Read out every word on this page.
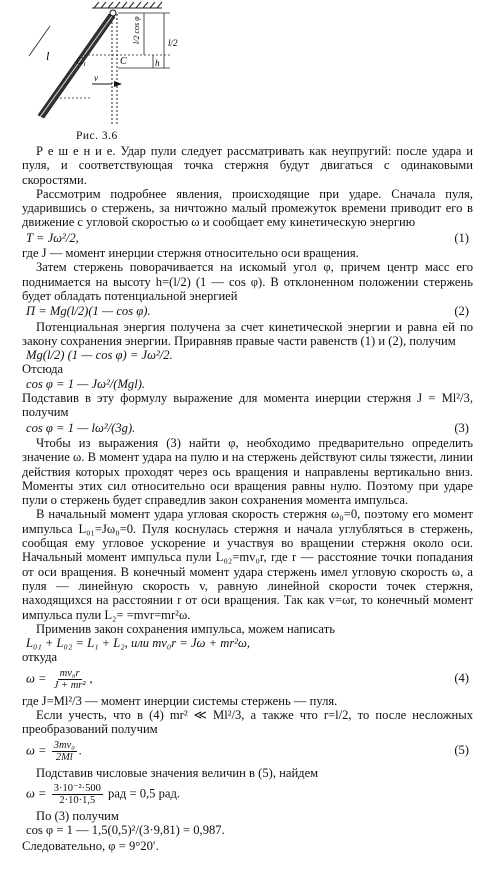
l	C₁	C
l/2 cos φ
h
l/2
v
Рис. 3.6

Р е ш е н и е. Удар пули следует рассматривать как неупругий: после удара и пуля, и соответствующая точка стержня будут двигаться с одинаковыми скоростями.

Рассмотрим подробнее явления, происходящие при ударе. Сначала пуля, ударившись о стержень, за ничтожно малый промежуток времени приводит его в движение с угловой скоростью ω и сообщает ему кинетическую энергию

T = Jω²/2,	(1)

где J — момент инерции стержня относительно оси вращения.

Затем стержень поворачивается на искомый угол φ, причем центр масс его поднимается на высоту h=(l/2) (1 — cos φ). В отклоненном положении стержень будет обладать потенциальной энергией

П = Mg(l/2)(1 — cos φ).	(2)

Потенциальная энергия получена за счет кинетической энергии и равна ей по закону сохранения энергии. Приравняв правые части равенств (1) и (2), получим

Mg(l/2) (1 — cos φ) = Jω²/2.

Отсюда

cos φ = 1 — Jω²/(Mgl).

Подставив в эту формулу выражение для момента инерции стержня J = Ml²/3, получим

cos φ = 1 — lω²/(3g).	(3)

Чтобы из выражения (3) найти φ, необходимо предварительно определить значение ω. В момент удара на пулю и на стержень действуют силы тяжести, линии действия которых проходят через ось вращения и направлены вертикально вниз. Моменты этих сил относительно оси вращения равны нулю. Поэтому при ударе пули о стержень будет справедлив закон сохранения момента импульса.

В начальный момент удара угловая скорость стержня ω₀=0, поэтому его момент импульса L₀₁=Jω₀=0. Пуля коснулась стержня и начала углубляться в стержень, сообщая ему угловое ускорение и участвуя во вращении стержня около оси. Начальный момент импульса пули L₀₂=mv₀r, где r — расстояние точки попадания от оси вращения. В конечный момент удара стержень имел угловую скорость ω, а пуля — линейную скорость v, равную линейной скорости точек стержня, находящихся на расстоянии r от оси вращения. Так как v=ωr, то конечный момент импульса пули L₂= =mvr=mr²ω.

Применив закон сохранения импульса, можем написать

L₀₁ + L₀₂ = L₁ + L₂, или mv₀r = Jω + mr²ω,

откуда

$\omega = \frac{\text{mv₀r}}{\text{J + mr²}}$ ,	(4)

где J=Ml²/3 — момент инерции системы стержень — пуля.

Если учесть, что в (4) mr² ≪ Ml²/3, а также что r=l/2, то после несложных преобразований получим

$\omega = \frac{\text{3mv₀}}{2Ml}$ .	(5)

Подставив числовые значения величин в (5), найдем

$\omega = \frac{\text{3·10⁻²·500}}{2\cdot 10\cdot 1,5}$ рад = 0,5 рад.

По (3) получим

cos φ = 1 — 1,5(0,5)²/(3·9,81) = 0,987.

Следовательно, φ = 9°20′.
